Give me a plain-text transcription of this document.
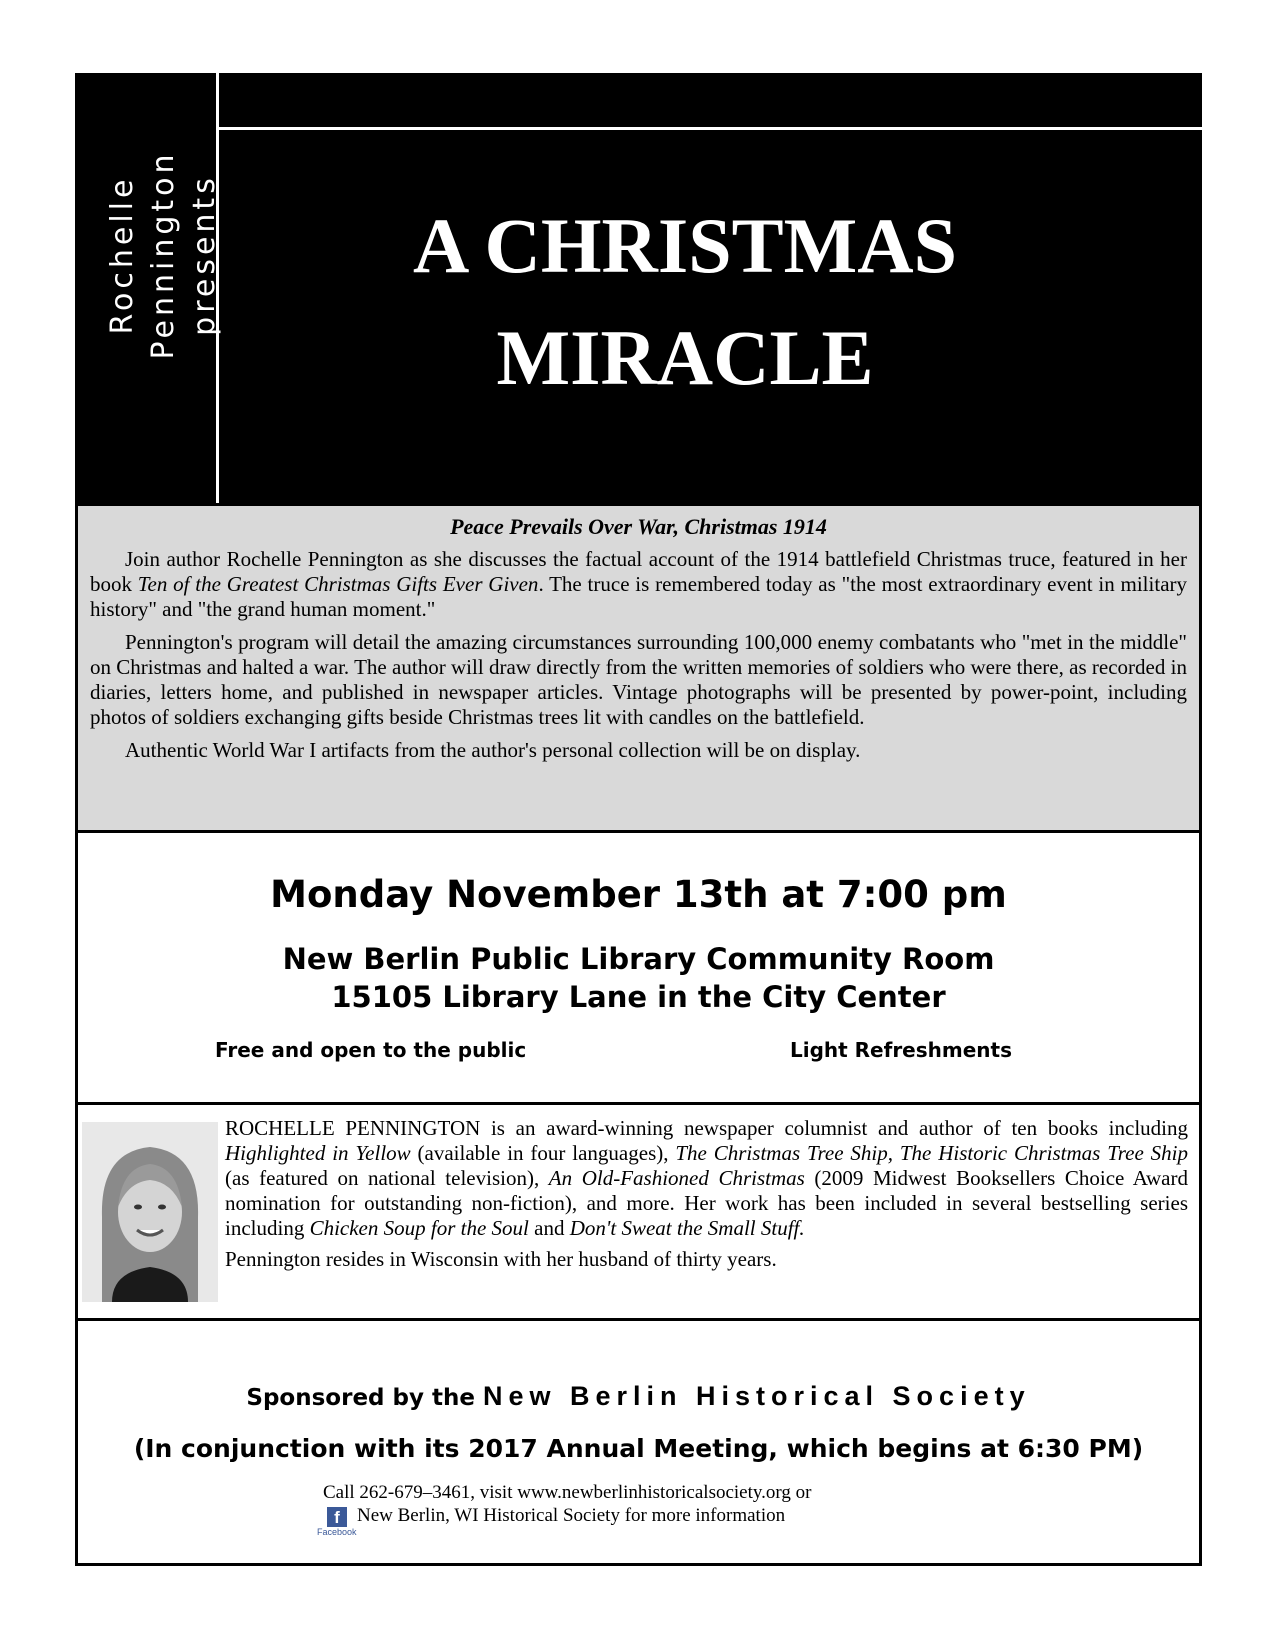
Rochelle Pennington presents	A CHRISTMAS
MIRACLE
Peace Prevails Over War, Christmas 1914

Join author Rochelle Pennington as she discusses the factual account of the 1914 battlefield Christmas truce, featured in her book Ten of the Greatest Christmas Gifts Ever Given. The truce is remembered today as "the most extraordinary event in military history" and "the grand human moment."

Pennington's program will detail the amazing circumstances surrounding 100,000 enemy combatants who "met in the middle" on Christmas and halted a war. The author will draw directly from the written memories of soldiers who were there, as recorded in diaries, letters home, and published in newspaper articles. Vintage photographs will be presented by power-point, including photos of soldiers exchanging gifts beside Christmas trees lit with candles on the battlefield.

Authentic World War I artifacts from the author's personal collection will be on display.

Monday November 13th at 7:00 pm
New Berlin Public Library Community Room
15105 Library Lane in the City Center
Free and open to the public	Light Refreshments

ROCHELLE PENNINGTON is an award-winning newspaper columnist and author of ten books including Highlighted in Yellow (available in four languages), The Christmas Tree Ship, The Historic Christmas Tree Ship (as featured on national television), An Old-Fashioned Christmas (2009 Midwest Booksellers Choice Award nomination for outstanding non-fiction), and more. Her work has been included in several bestselling series including Chicken Soup for the Soul and Don't Sweat the Small Stuff.

Pennington resides in Wisconsin with her husband of thirty years.

Sponsored by the New Berlin Historical Society
(In conjunction with its 2017 Annual Meeting, which begins at 6:30 PM)
Call 262-679–3461, visit www.newberlinhistoricalsociety.org or
f New Berlin, WI Historical Society for more information
Facebook
